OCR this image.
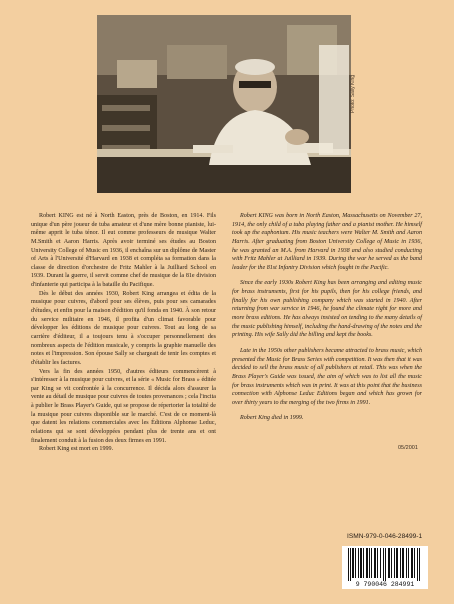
Photo: Sally King

Robert KING est né à North Easton, près de Boston, en 1914. Fils unique d'un père joueur de tuba amateur et d'une mère bonne pianiste, lui-même apprit le tuba ténor. Il eut comme professeurs de musique Walter M.Smith et Aaron Harris. Après avoir terminé ses études au Boston University College of Music en 1936, il enchaîna sur un diplôme de Master of Arts à l'Université d'Harvard en 1938 et compléta sa formation dans la classe de direction d'orchestre de Fritz Mahler à la Juilliard School en 1939. Durant la guerre, il servit comme chef de musique de la 81e division d'infanterie qui participa à la bataille du Pacifique.

Dès le début des années 1930, Robert King arrangea et édita de la musique pour cuivres, d'abord pour ses élèves, puis pour ses camarades d'études, et enfin pour la maison d'édition qu'il fonda en 1940. À son retour du service militaire en 1946, il profita d'un climat favorable pour développer les éditions de musique pour cuivres. Tout au long de sa carrière d'éditeur, il a toujours tenu à s'occuper personnellement des nombreux aspects de l'édition musicale, y compris la graphie manuelle des notes et l'impression. Son épouse Sally se chargeait de tenir les comptes et d'établir les factures.

Vers la fin des années 1950, d'autres éditeurs commencèrent à s'intéresser à la musique pour cuivres, et la série « Music for Brass » éditée par King se vit confrontée à la concurrence. Il décida alors d'assurer la vente au détail de musique pour cuivres de toutes provenances ; cela l'incita à publier le Brass Player's Guide, qui se propose de répertorier la totalité de la musique pour cuivres disponible sur le marché. C'est de ce moment-là que datent les relations commerciales avec les Éditions Alphonse Leduc, relations qui se sont développées pendant plus de trente ans et ont finalement conduit à la fusion des deux firmes en 1991.

Robert King est mort en 1999.

Robert KING was born in North Easton, Massachusetts on November 27, 1914, the only child of a tuba playing father and a pianist mother. He himself took up the euphonium. His music teachers were Walter M. Smith and Aaron Harris. After graduating from Boston University College of Music in 1936, he was granted an M.A. from Harvard in 1938 and also studied conducting with Fritz Mahler at Juilliard in 1939. During the war he served as the band leader for the 81st Infantry Division which fought in the Pacific.

Since the early 1930s Robert King has been arranging and editing music for brass instruments, first for his pupils, then for his college friends, and finally for his own publishing company which was started in 1940. After returning from war service in 1946, he found the climate right for more and more brass editions. He has always insisted on tending to the many details of the music publishing himself, including the hand-drawing of the notes and the printing. His wife Sally did the billing and kept the books.

Late in the 1950s other publishers became attracted to brass music, which presented the Music for Brass Series with competition. It was then that it was decided to sell the brass music of all publishers at retail. This was when the Brass Player's Guide was issued, the aim of which was to list all the music for brass instruments which was in print. It was at this point that the business connection with Alphonse Leduc Editions began and which has grown for over thirty years to the merging of the two firms in 1991.

Robert King died in 1999.

05/2001
ISMN-979-0-046-28499-1
9 790046 284991
